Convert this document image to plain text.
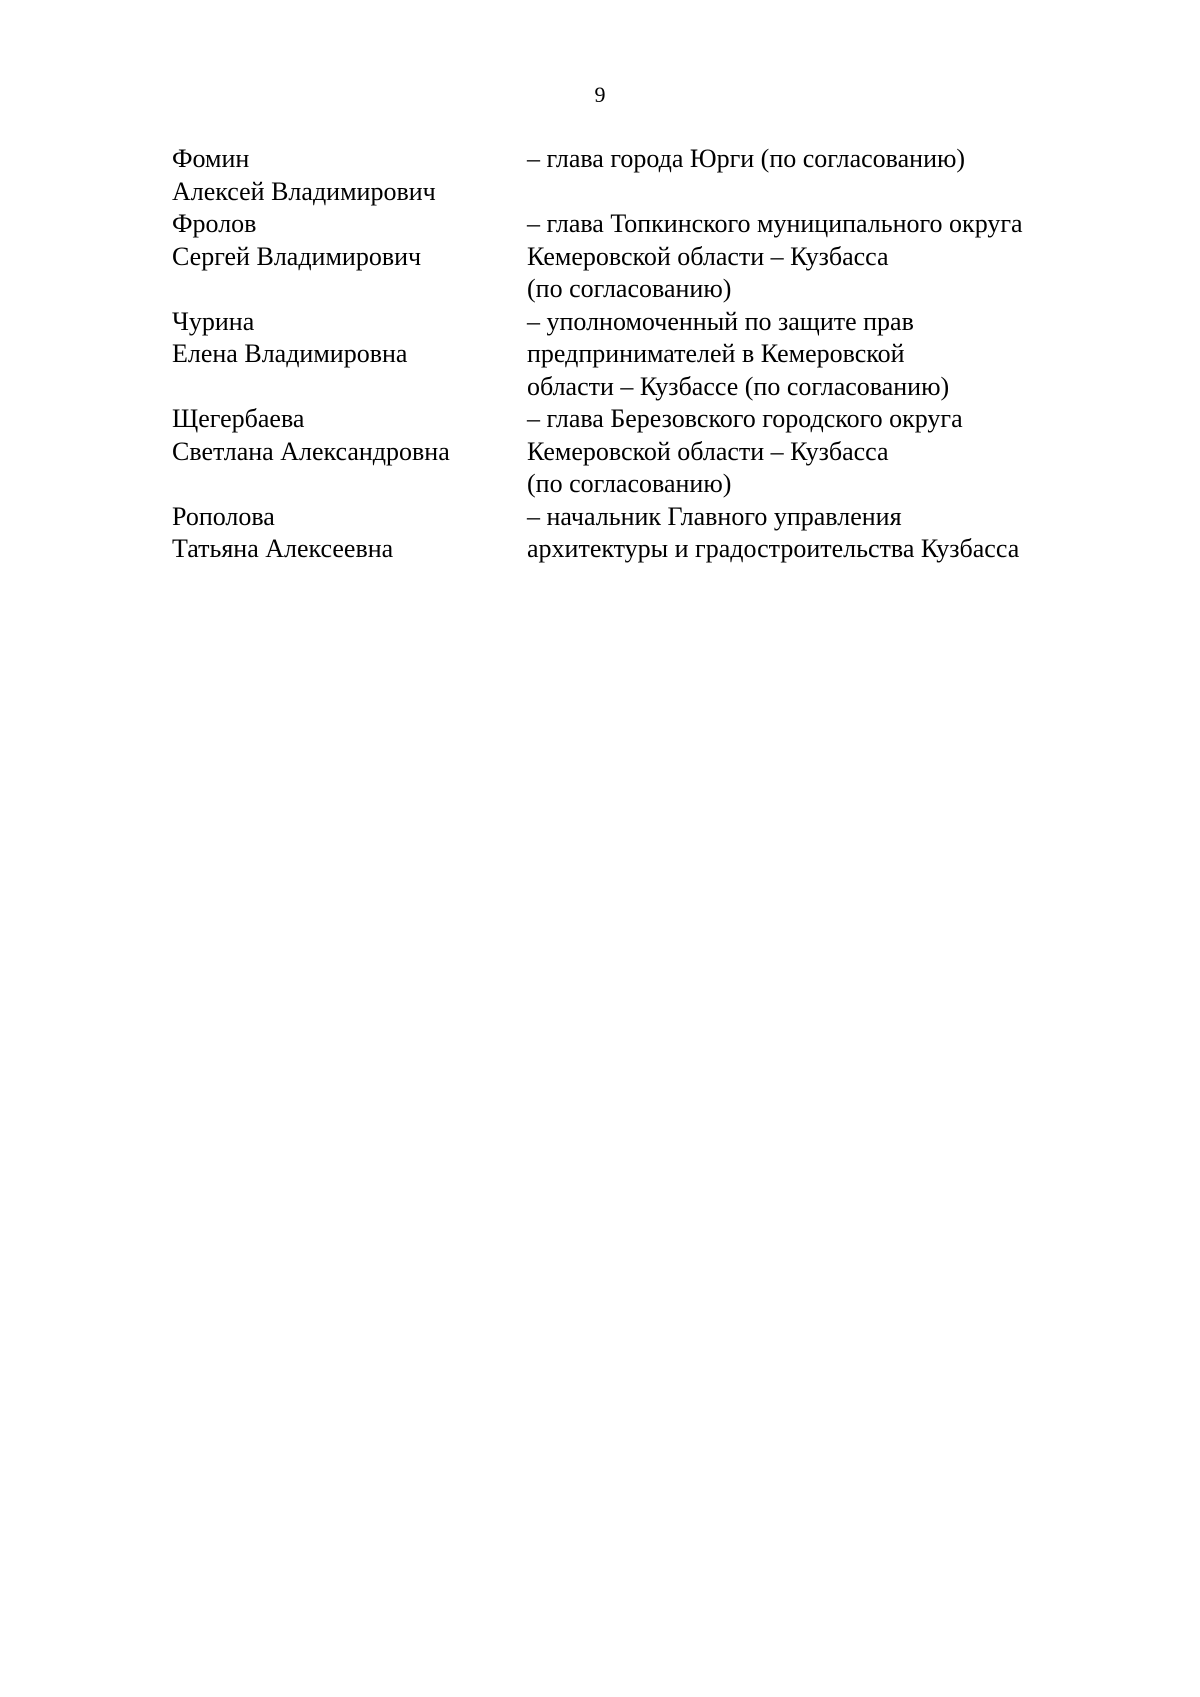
9
Фомин
Алексей Владимирович
– глава города Юрги (по согласованию)
Фролов
Сергей Владимирович
– глава Топкинского муниципального округа
Кемеровской области – Кузбасса
(по согласованию)
Чурина
Елена Владимировна
– уполномоченный по защите прав
предпринимателей в Кемеровской
области – Кузбассе (по согласованию)
Щегербаева
Светлана Александровна
– глава Березовского городского округа
Кемеровской области – Кузбасса
(по согласованию)
Рополова
Татьяна Алексеевна
– начальник Главного управления
архитектуры и градостроительства Кузбасса
